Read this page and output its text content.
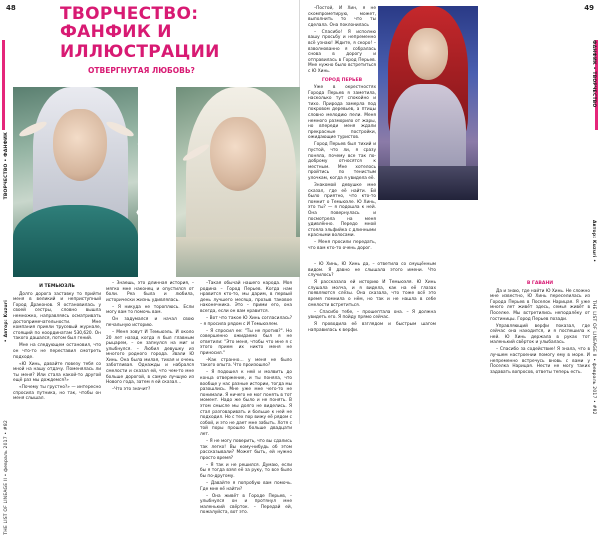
48
ТВОРЧЕСТВО • ФАНФИК
• Автор: Kuzuri
THE LIST OF LINEAGE II • февраль 2017 • #82
ТВОРЧЕСТВО:
ФАНФИК И ИЛЛЮСТРАЦИИ
ОТВЕРГНУТАЯ ЛЮБОВЬ?

И ТЕМЬЮЗЛЬ

Долго дорога заставку то прийти меня в великий и неприступный Город Драконов. Я остановилась у своей сестры, словно вышла немножко, направляясь осматривать достопримечательности. Мне компания приели трусевый журнале, стоящий по координатам 530,620. Он такого дашался, потом был гений.

Мне на следующем остановил, что он что-то не переставил смотреть подходе.

«Ю Хинь, давайте повезу тебя со мной на нашу отдачу. Поменялась ли ты меня? Или стала какой-то другой ещё раз мы дождемся?»

«Почему ты грустно?» — интересно спросила путника, но так, чтобы он меня слышал.

– Знаешь, это длинная история, – мягко мне наконец и опустился от боли. Реа была и любила, исторически жизнь удивлялась.

– Я никуда не тороплюсь. Если могу вам то помочь вам.

Он задумался и начал свою печальную историю.

– Меня зовут И Темьюэль. И около 20 лет назад когда я был главным рыцарем, – он запнулся на миг и улыбнулся. – Любил девушку из многого родного города. Звали Ю Хинь. Она была милая, тихая и очень заботливая. Однажды и набрался смелости и сказал ей, что чем-то мне больше дорогой, в самую лучшую из Нового года, затем я ей сказал…

–Что это значит?

–Такая обычай нашего народа. Моя родина – Город Перьев. Когда нам нравится кто-то, мы дарим, в первый день лучшего месяца, прозыв таковое наконечника. Это – прими его, она всегда, если он вам нравится.

– Вот что такое Ю Хинь согласилась? – я просила рядом с И Темьюэлем.

– Я спросил ее: "Ты не против?". Но совершенно ожидаемо был я не ответили: "Это меня, чтобы что мне я с этого прием их никто меня не приносил."

–Как странно… у меня не было такого опыта. Что произошло?

– Я подошел к ней и молвить до конца отвержение, и ты поняла, что вообще у нас разные истории, тогда мы разошлись. Мне уже мне чего-то не понимали. Я ничего не мог понять в тот момент. Надо же было и не понять. В этом смысле мы долго не виделись. Я стал разговаривать и больше к ней не подходил. Но с тех пор вижу её рядом с собой, и это не дает мне забыть. Хотя с той поры прошло больше двадцати лет.

– Я не могу поверить, что вы сдались так легко! Вы кому-нибудь об этом рассказывали? Может быть, ей нужно просто время?

– Я так и не решился. Думаю, если бы я тогда взял её за руку, то все было бы по-другому.

– Давайте я попробую вам помочь. Где мне её найти?

– Она живёт в Городе Перьев, – улыбнулся он и протянул мне маленький свёрток. – Передай ей, пожалуйста, вот это.

49
ФАНФИК • ТВОРЧЕСТВО
Автор: Kuzuri •
THE LIST OF LINEAGE II • февраль 2017 • #82

–Постой, И Хин, я не скомпрометирую, может, выполнить то что ты сделала. Она поклонилась

– Спасибо! Я исполню вашу просьбу и непременно всё узнаю! Ждите, я скоро! – взволнованно я собралась снова в дорогу и отправилась в Город Перьев. Мне нужно было встретиться с Ю Хинь.

ГОРОД ПЕРЬЕВ

Уже в окрестностях Города Перьев я заметила, насколько тут спокойно и тихо. Природа замерла под покровом деревьев, а птицы словно мелодию пели. Меня немного разморило от жары, но впереди меня ждали прекрасные постройки, ожидающие туристов.

Город Перьев был тихий и пустой, что ли, я сразу поняла, почему все так по-доброму относятся к местным. Мне хотелось пройтись по тенистым улочкам, когда я увидела её.

Знакомой девушке мне сказал, где её найти. Ей было приятно, что кто-то помнит о Темьюэле. Ю Хинь, это ты? — я подошла к ней. Она повернулась и посмотрела на меня удивлённо. Передо мной стояла эльфийка с длинными красными волосами.

– Меня просили передать, что вам кто-то очень дорог.

– Ю Хинь, Ю Хинь да, – ответила со смущённым видом. Я давно не слышала этого имени. Что случилось?

Я рассказала ей историю И Темьюэля. Ю Хинь слушала молча, и я видела, как на её глазах появляются слёзы. Она сказала, что тоже всё это время помнила о нём, но так и не нашла в себе смелости встретиться.

– Спасибо тебе, – прошептала она. – Я должна увидеть его. Я пойду прямо сейчас.

Я проводила её взглядом и быстрым шагом направилась к верфи.

В ГАВАНИ

Да и знаю, где найти Ю Хинь. Не сложно мне известно, Ю Хинь переселилась из Города Перьев в Поселок Нарицая. Я уже много лет живёт здесь, семья живёт в Поселке. Мы встретились неподалёку от гостиницы. Город Перьев позади.

Управляющий верфи показал, где сейчас она находится, и я поспешила к ней. Ю Хинь держала в руках тот маленький свёрток и улыбалась.

– Спасибо за содействие! Я знала, что в лучшем настроении помогу ему в море. И непременно встречусь вновь с вами у Поселка Нарицая. Нести не могу таких задавать вопросов, ответы теперь есть.
